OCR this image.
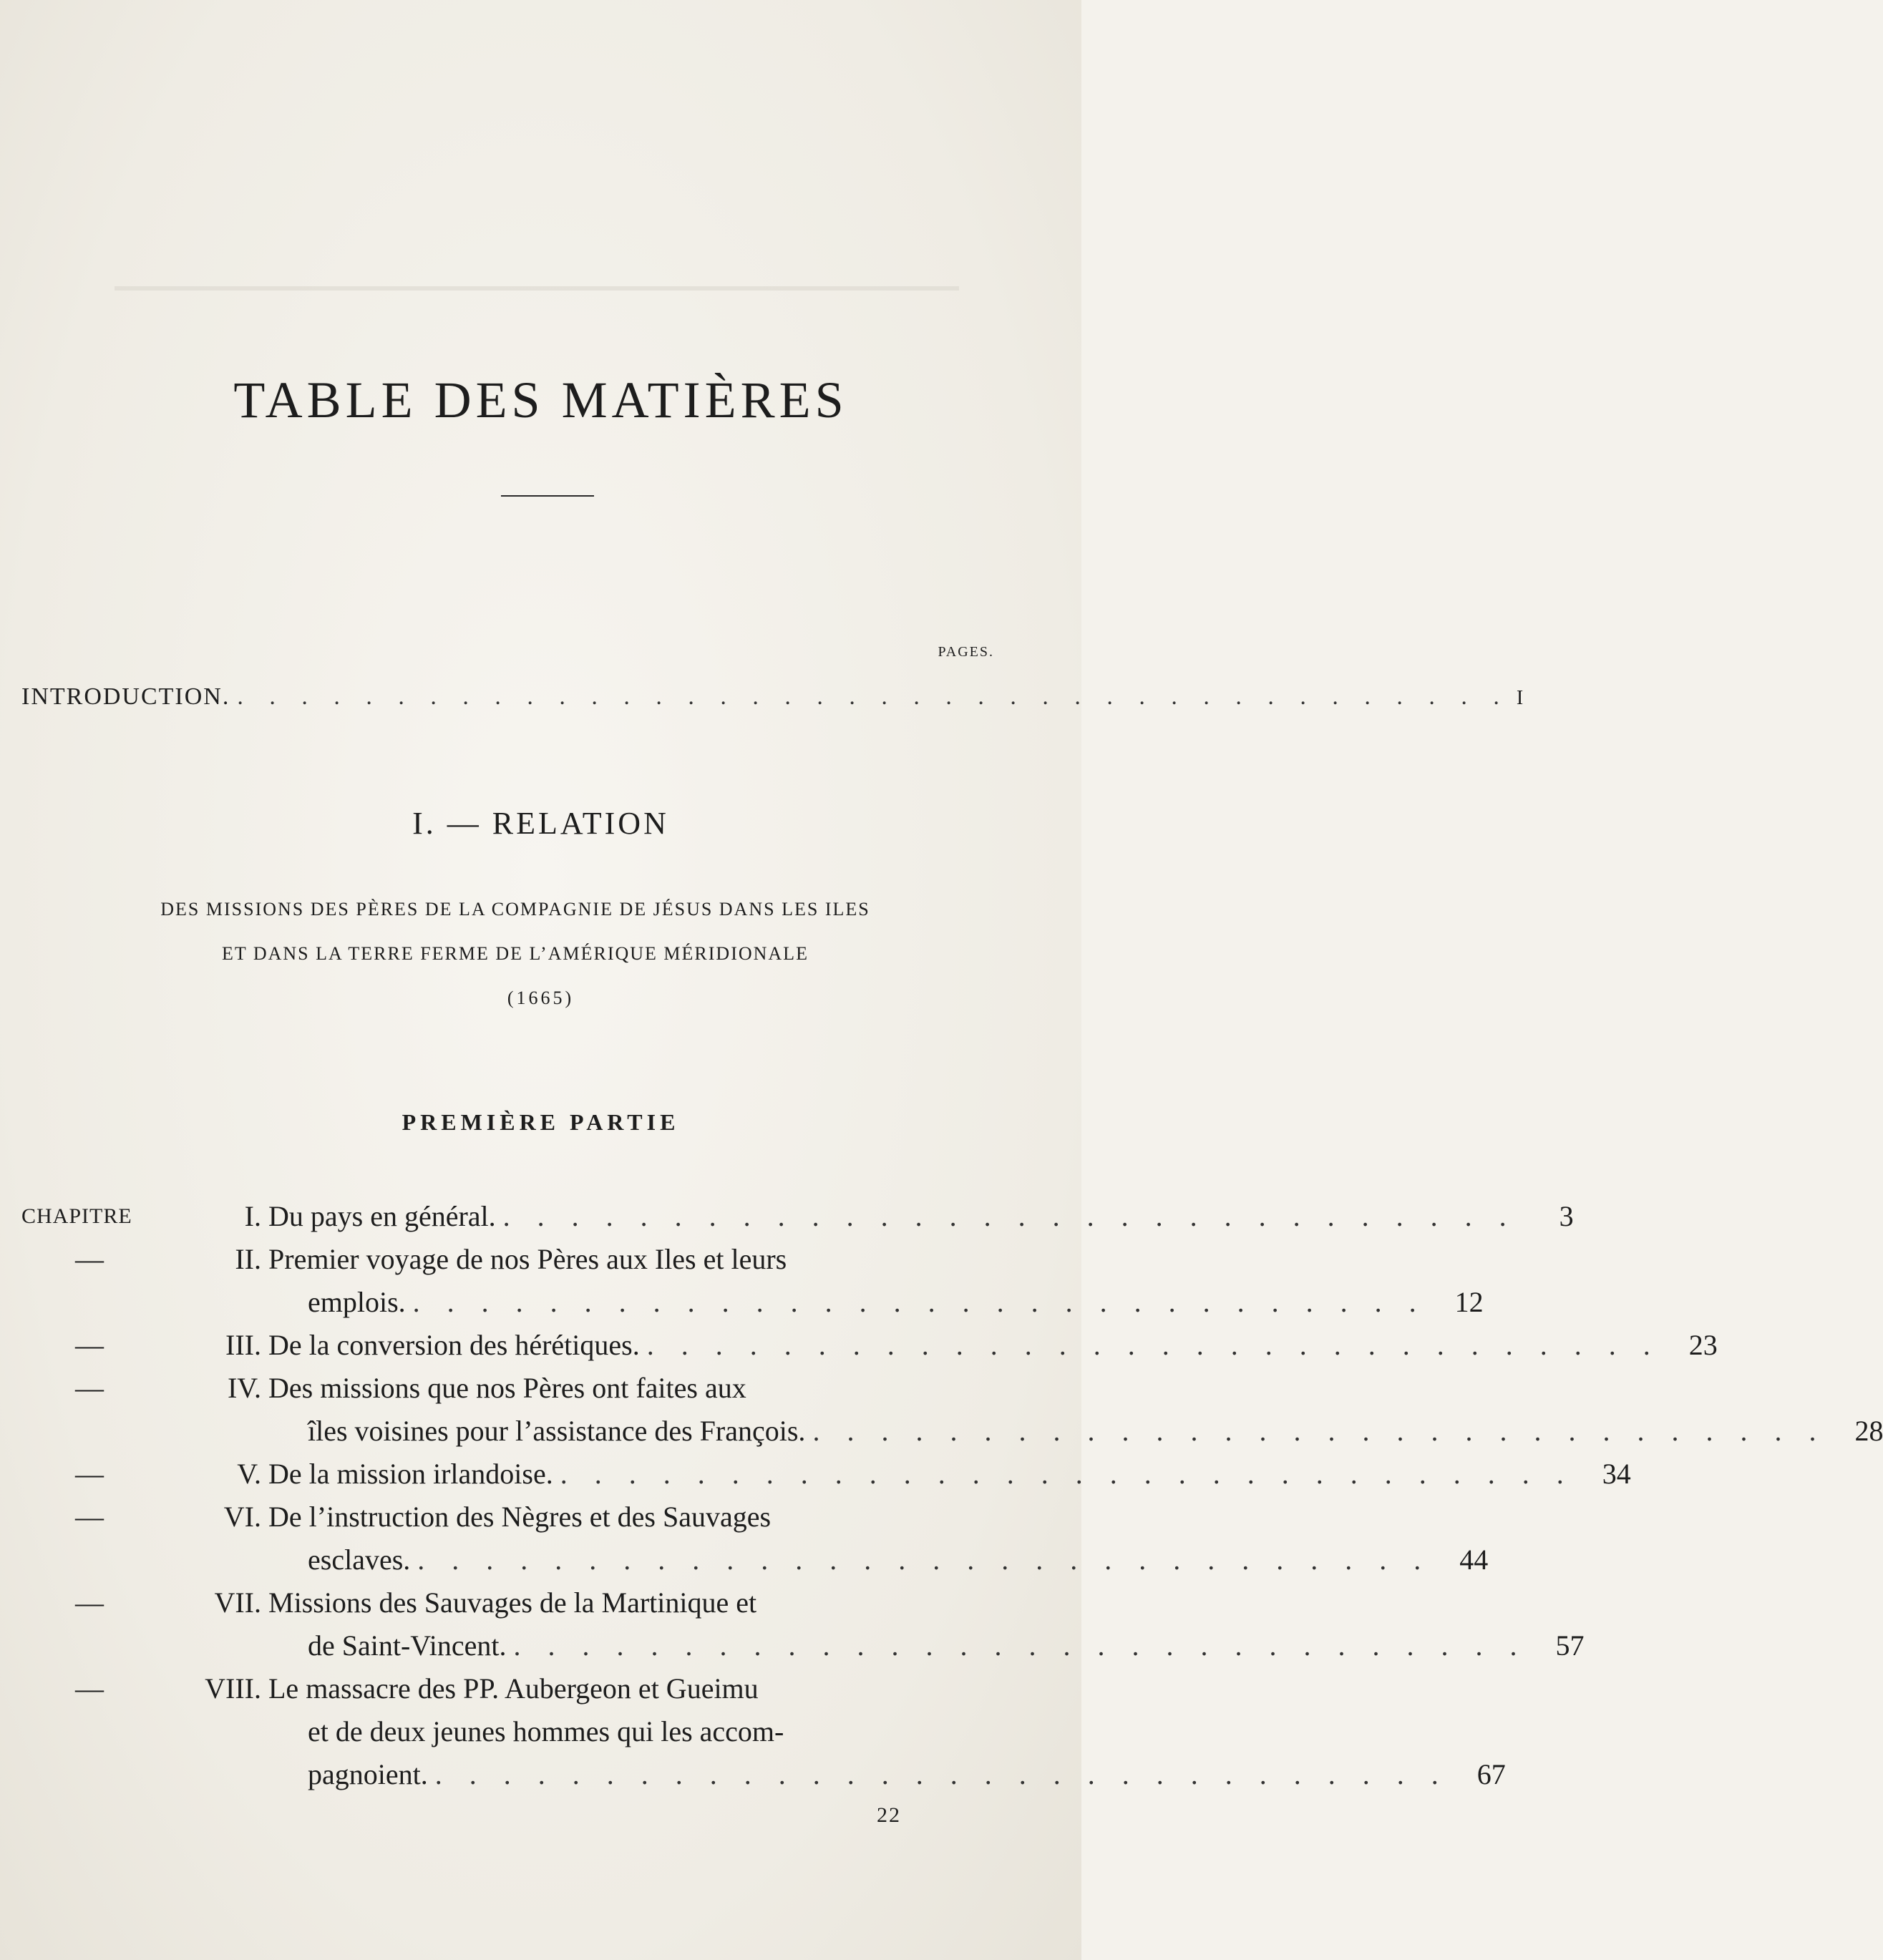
TABLE DES MATIÈRES
PAGES.
INTRODUCTION. . . . . . . . . . . . . . . . . . . . . . . . . . . . . . . . . . . . . . . . . I
I. — RELATION
DES MISSIONS DES PÈRES DE LA COMPAGNIE DE JÉSUS DANS LES ILES
ET DANS LA TERRE FERME DE L’AMÉRIQUE MÉRIDIONALE
(1665)
PREMIÈRE PARTIE
CHAPITRE	I. Du pays en général. . . . . . . . . . . . . . . . . . . . . . . . . . . . . . .	3
—	II. Premier voyage de nos Pères aux Iles et leurs
emplois. . . . . . . . . . . . . . . . . . . . . . . . . . . . . . .	12
—	III. De la conversion des hérétiques. . . . . . . . . . . . . . . . . . . . . . . . . . . . . . .	23
—	IV. Des missions que nos Pères ont faites aux
îles voisines pour l’assistance des François. . . . . . . . . . . . . . . . . . . . . . . . . . . . . . .	28
—	V. De la mission irlandoise. . . . . . . . . . . . . . . . . . . . . . . . . . . . . . .	34
—	VI. De l’instruction des Nègres et des Sauvages
esclaves. . . . . . . . . . . . . . . . . . . . . . . . . . . . . . .	44
—	VII. Missions des Sauvages de la Martinique et
de Saint-Vincent. . . . . . . . . . . . . . . . . . . . . . . . . . . . . . .	57
—	VIII. Le massacre des PP. Aubergeon et Gueimu
et de deux jeunes hommes qui les accom-
pagnoient. . . . . . . . . . . . . . . . . . . . . . . . . . . . . . .	67
22
